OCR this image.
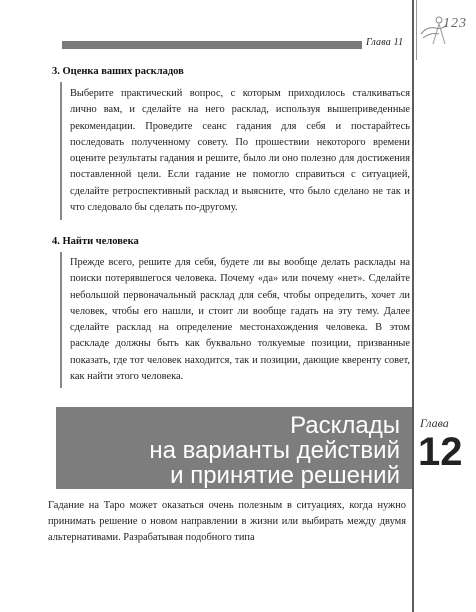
Глава 11
123
3. Оценка ваших раскладов

Выберите практический вопрос, с которым приходилось сталкиваться лично вам, и сделайте на него расклад, используя вышеприведенные рекомендации. Проведите сеанс гадания для себя и постарайтесь последовать полученному совету. По прошествии некоторого времени оцените результаты гадания и решите, было ли оно полезно для достижения поставленной цели. Если гадание не помогло справиться с ситуацией, сделайте ретроспективный расклад и выясните, что было сделано не так и что следовало бы сделать по-другому.

4. Найти человека

Прежде всего, решите для себя, будете ли вы вообще делать расклады на поиски потерявшегося человека. Почему «да» или почему «нет». Сделайте небольшой первоначальный расклад для себя, чтобы определить, хочет ли человек, чтобы его нашли, и стоит ли вообще гадать на эту тему. Далее сделайте расклад на определение местонахождения человека. В этом раскладе должны быть как буквально толкуемые позиции, призванные показать, где тот человек находится, так и позиции, дающие кверенту совет, как найти этого человека.

Расклады
на варианты действий
и принятие решений
Глава
12

Гадание на Таро может оказаться очень полезным в ситуациях, когда нужно принимать решение о новом направлении в жизни или выбирать между двумя альтернативами. Разрабатывая подобного типа
